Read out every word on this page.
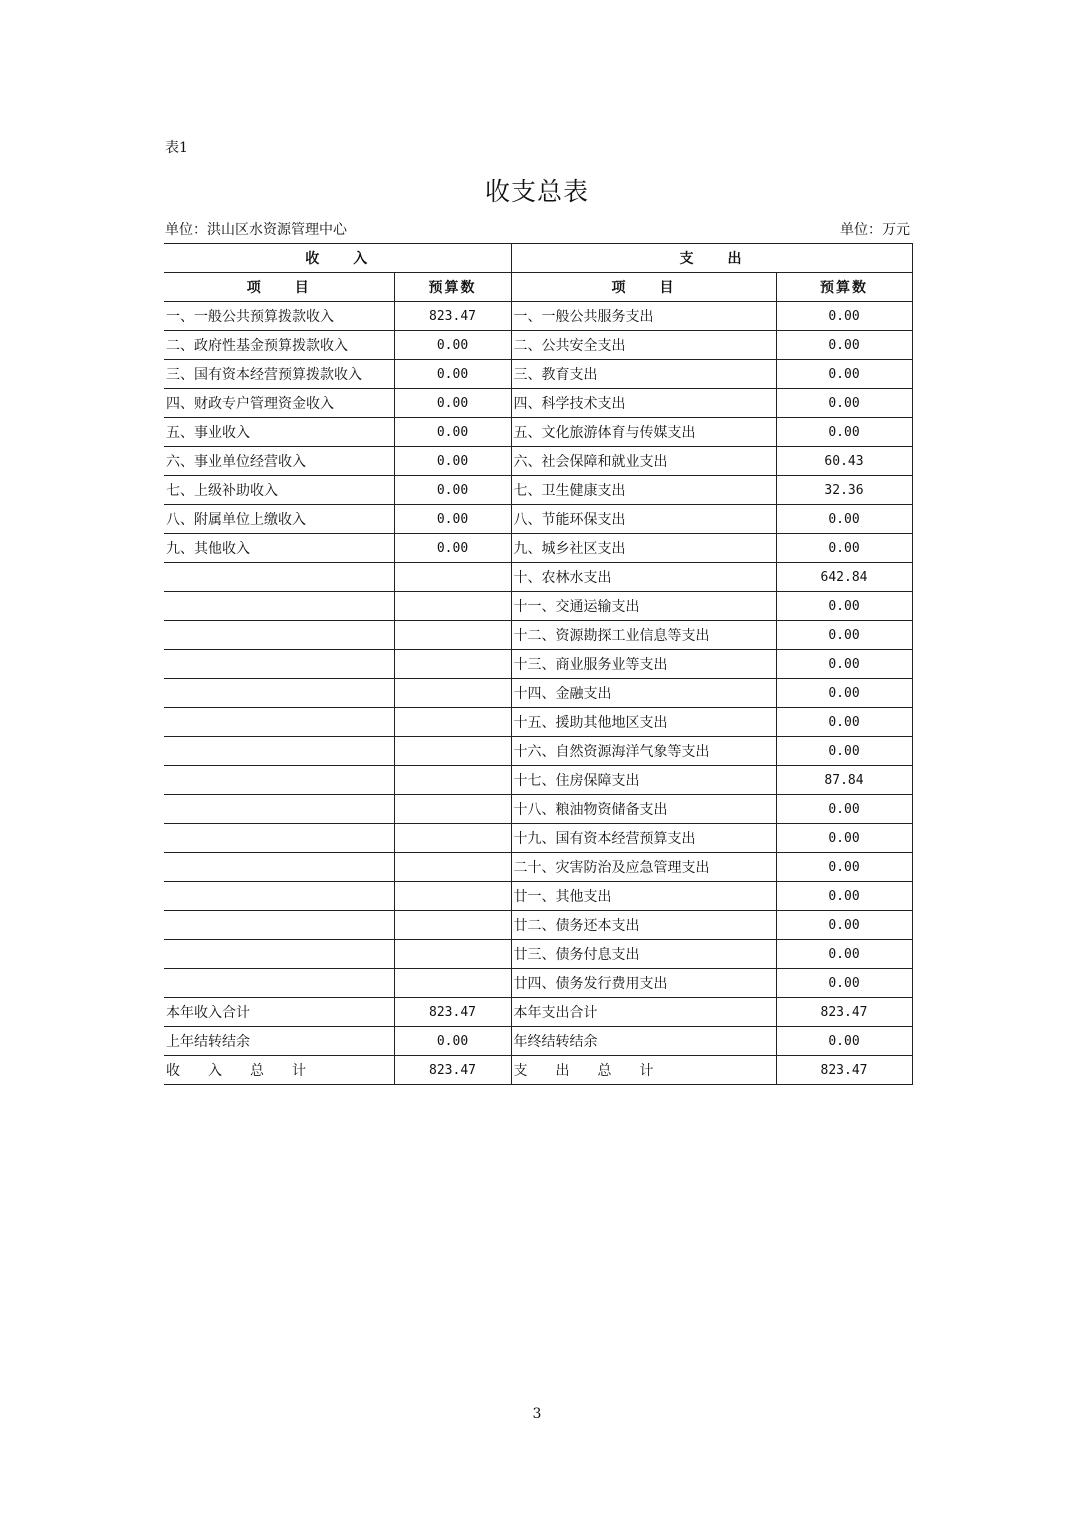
表1
收支总表
单位：洪山区水资源管理中心	单位：万元
收　　入		支　　出	
项　　目	预算数	项　　目	预算数
一、一般公共预算拨款收入	823.47	一、一般公共服务支出	0.00
二、政府性基金预算拨款收入	0.00	二、公共安全支出	0.00
三、国有资本经营预算拨款收入	0.00	三、教育支出	0.00
四、财政专户管理资金收入	0.00	四、科学技术支出	0.00
五、事业收入	0.00	五、文化旅游体育与传媒支出	0.00
六、事业单位经营收入	0.00	六、社会保障和就业支出	60.43
七、上级补助收入	0.00	七、卫生健康支出	32.36
八、附属单位上缴收入	0.00	八、节能环保支出	0.00
九、其他收入	0.00	九、城乡社区支出	0.00
		十、农林水支出	642.84
		十一、交通运输支出	0.00
		十二、资源勘探工业信息等支出	0.00
		十三、商业服务业等支出	0.00
		十四、金融支出	0.00
		十五、援助其他地区支出	0.00
		十六、自然资源海洋气象等支出	0.00
		十七、住房保障支出	87.84
		十八、粮油物资储备支出	0.00
		十九、国有资本经营预算支出	0.00
		二十、灾害防治及应急管理支出	0.00
		廿一、其他支出	0.00
		廿二、债务还本支出	0.00
		廿三、债务付息支出	0.00
		廿四、债务发行费用支出	0.00
本年收入合计	823.47	本年支出合计	823.47
上年结转结余	0.00	年终结转结余	0.00
收入总计	823.47	支出总计	823.47
3
